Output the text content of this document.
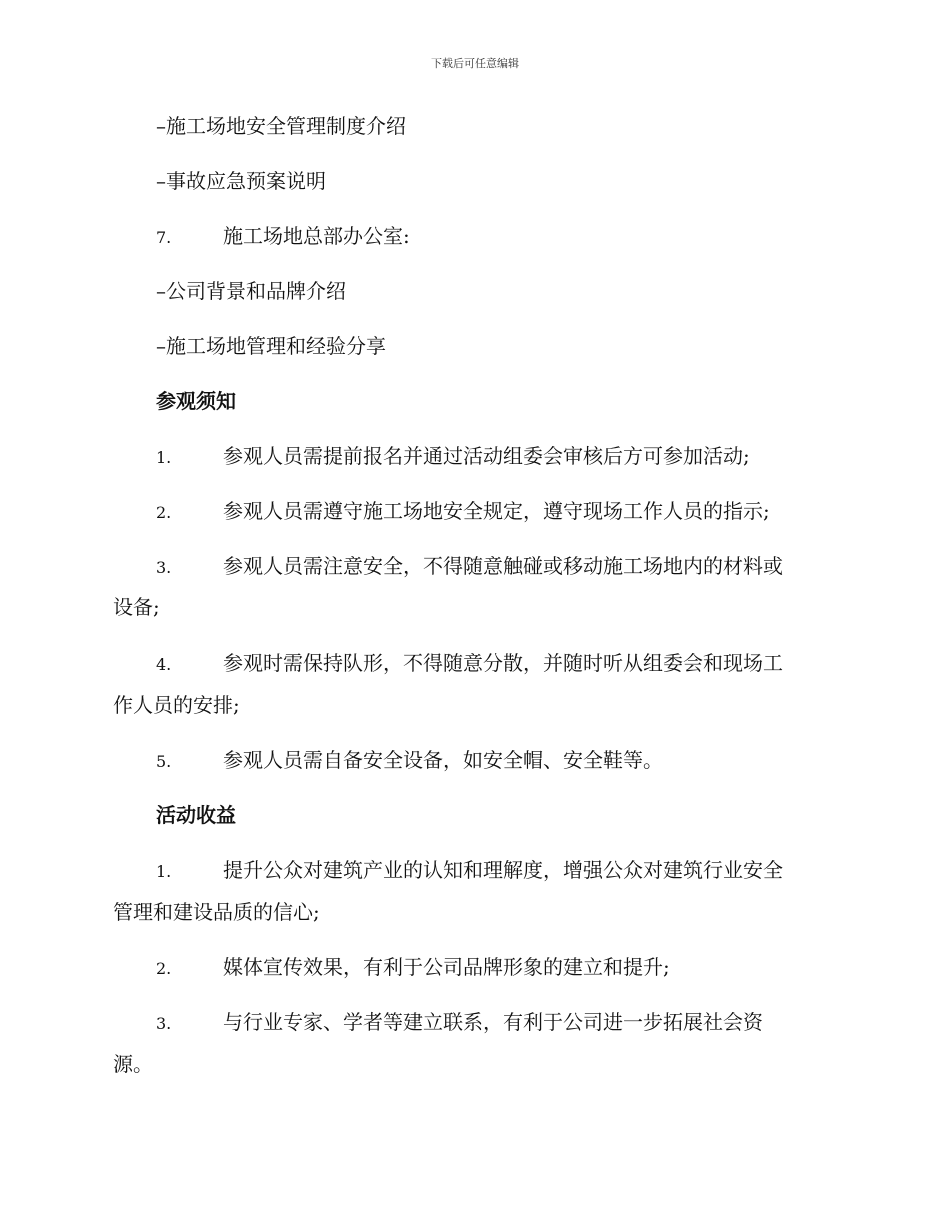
下载后可任意编辑
–施工场地安全管理制度介绍
–事故应急预案说明
7.	施工场地总部办公室:
–公司背景和品牌介绍
–施工场地管理和经验分享
参观须知
1.	参观人员需提前报名并通过活动组委会审核后方可参加活动;
2.	参观人员需遵守施工场地安全规定，遵守现场工作人员的指示;
3.	参观人员需注意安全，不得随意触碰或移动施工场地内的材料或
设备;
4.	参观时需保持队形，不得随意分散，并随时听从组委会和现场工
作人员的安排;
5.	参观人员需自备安全设备，如安全帽、安全鞋等。
活动收益
1.	提升公众对建筑产业的认知和理解度，增强公众对建筑行业安全
管理和建设品质的信心;
2.	媒体宣传效果，有利于公司品牌形象的建立和提升;
3.	与行业专家、学者等建立联系，有利于公司进一步拓展社会资
源。
